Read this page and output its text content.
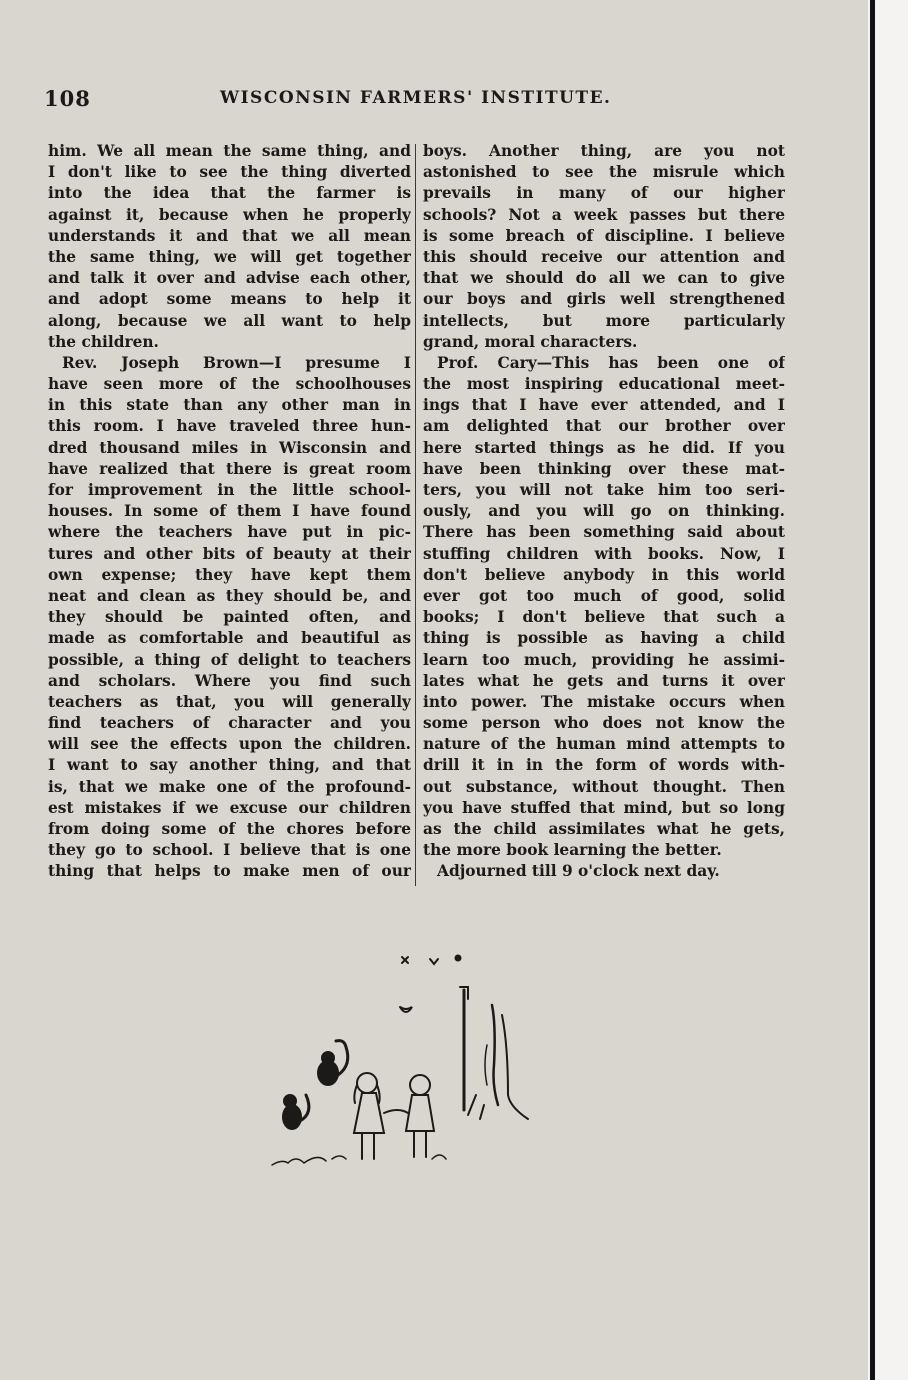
108	WISCONSIN FARMERS' INSTITUTE.
him. We all mean the same thing, and
I don't like to see the thing diverted
into the idea that the farmer is
against it, because when he properly
understands it and that we all mean
the same thing, we will get together
and talk it over and advise each other,
and adopt some means to help it
along, because we all want to help
the children.
Rev. Joseph Brown—I presume I
have seen more of the schoolhouses
in this state than any other man in
this room. I have traveled three hun-
dred thousand miles in Wisconsin and
have realized that there is great room
for improvement in the little school-
houses. In some of them I have found
where the teachers have put in pic-
tures and other bits of beauty at their
own expense; they have kept them
neat and clean as they should be, and
they should be painted often, and
made as comfortable and beautiful as
possible, a thing of delight to teachers
and scholars. Where you find such
teachers as that, you will generally
find teachers of character and you
will see the effects upon the children.
I want to say another thing, and that
is, that we make one of the profound-
est mistakes if we excuse our children
from doing some of the chores before
they go to school. I believe that is one
thing that helps to make men of our
boys. Another thing, are you not
astonished to see the misrule which
prevails in many of our higher
schools? Not a week passes but there
is some breach of discipline. I believe
this should receive our attention and
that we should do all we can to give
our boys and girls well strengthened
intellects, but more particularly
grand, moral characters.
Prof. Cary—This has been one of
the most inspiring educational meet-
ings that I have ever attended, and I
am delighted that our brother over
here started things as he did. If you
have been thinking over these mat-
ters, you will not take him too seri-
ously, and you will go on thinking.
There has been something said about
stuffing children with books. Now, I
don't believe anybody in this world
ever got too much of good, solid
books; I don't believe that such a
thing is possible as having a child
learn too much, providing he assimi-
lates what he gets and turns it over
into power. The mistake occurs when
some person who does not know the
nature of the human mind attempts to
drill it in in the form of words with-
out substance, without thought. Then
you have stuffed that mind, but so long
as the child assimilates what he gets,
the more book learning the better.
Adjourned till 9 o'clock next day.
